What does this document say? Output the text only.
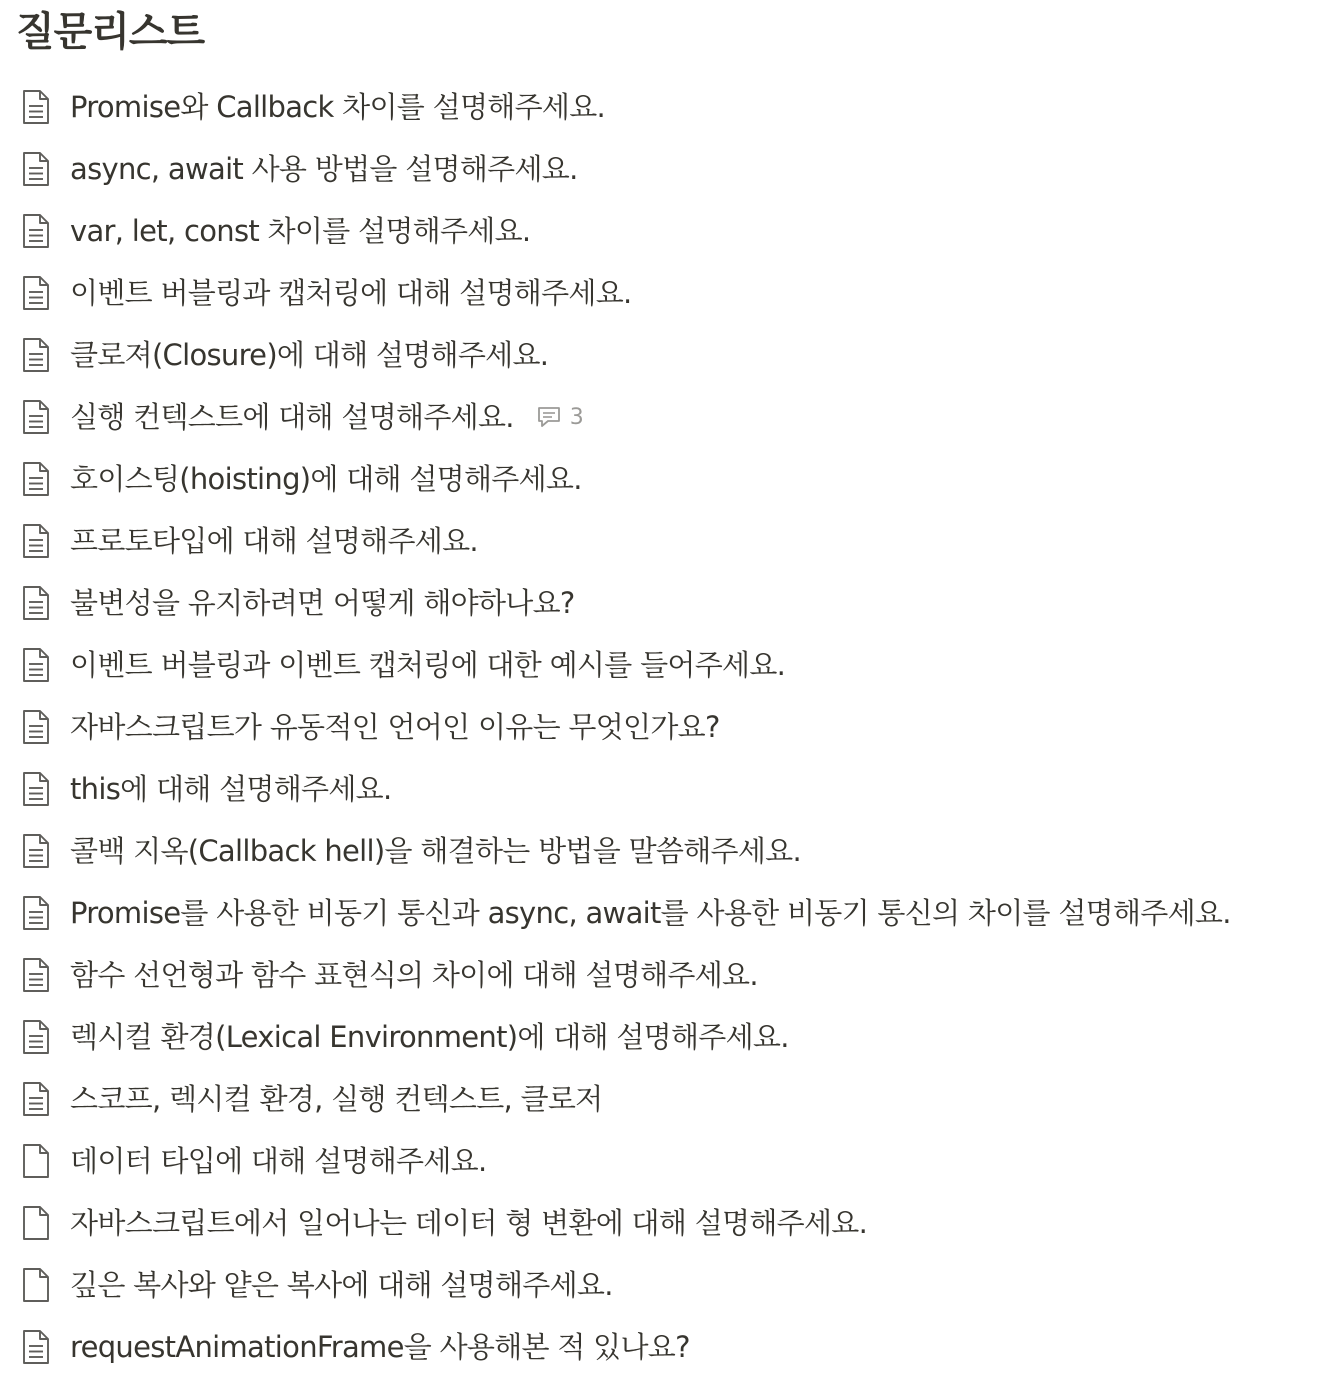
질문리스트
Promise와 Callback 차이를 설명해주세요.
async, await 사용 방법을 설명해주세요.
var, let, const 차이를 설명해주세요.
이벤트 버블링과 캡처링에 대해 설명해주세요.
클로져(Closure)에 대해 설명해주세요.
실행 컨텍스트에 대해 설명해주세요.	3
호이스팅(hoisting)에 대해 설명해주세요.
프로토타입에 대해 설명해주세요.
불변성을 유지하려면 어떻게 해야하나요?
이벤트 버블링과 이벤트 캡처링에 대한 예시를 들어주세요.
자바스크립트가 유동적인 언어인 이유는 무엇인가요?
this에 대해 설명해주세요.
콜백 지옥(Callback hell)을 해결하는 방법을 말씀해주세요.
Promise를 사용한 비동기 통신과 async, await를 사용한 비동기 통신의 차이를 설명해주세요.
함수 선언형과 함수 표현식의 차이에 대해 설명해주세요.
렉시컬 환경(Lexical Environment)에 대해 설명해주세요.
스코프, 렉시컬 환경, 실행 컨텍스트, 클로저
데이터 타입에 대해 설명해주세요.
자바스크립트에서 일어나는 데이터 형 변환에 대해 설명해주세요.
깊은 복사와 얕은 복사에 대해 설명해주세요.
requestAnimationFrame을 사용해본 적 있나요?
